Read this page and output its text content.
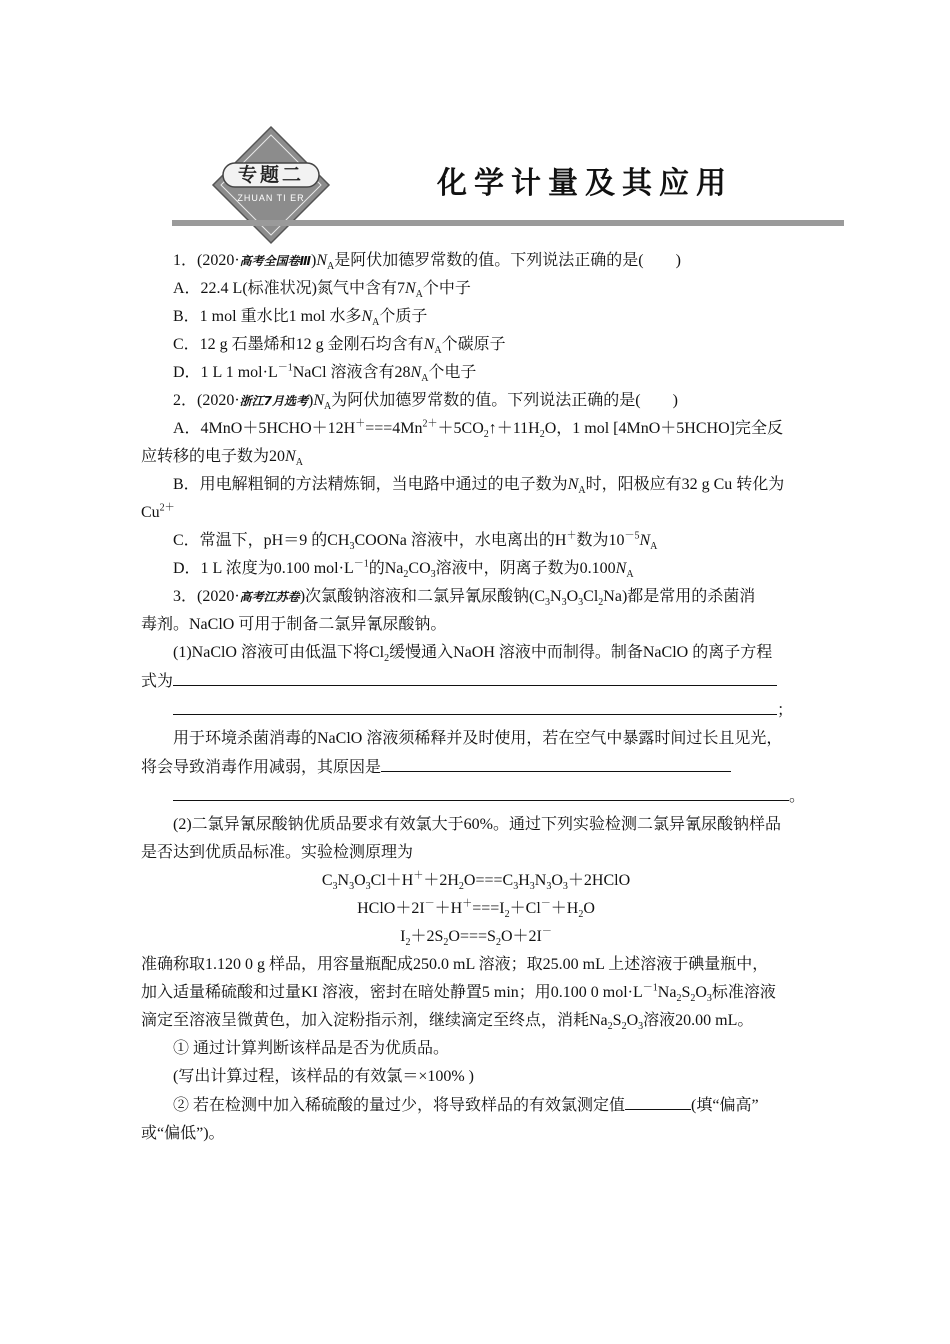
专题二
ZHUAN TI ER	化学计量及其应用

1．(2020·高考全国卷$Ⅲ)N_A$是阿伏加德罗常数的值。下列说法正确的是(　　)

A．22.4 L(标准状况)氮气中含有$7N_A$个中子

B．1 mol 重水比1 mol 水多$N_A$个质子

C．12 g 石墨烯和12 g 金刚石均含有$N_A$个碳原子

D．1 L 1 $mol\cdot L^{-1}NaCl$ 溶液含有$28N_A$个电子

2．(2020·浙江7月选考)$N_A$为阿伏加德罗常数的值。下列说法正确的是(　　)

A．$4MnO+5HCHO+12H^+===4Mn^{2+}+5CO_2↑+11H_2O$，1 mol [4MnO＋5HCHO]完全反

应转移的电子数为$20N_A$

B．用电解粗铜的方法精炼铜，当电路中通过的电子数为$N_A$时，阳极应有32 g Cu 转化为

$Cu^{2+}$

C．常温下，pH＝9 的$CH_3COONa$ 溶液中，水电离出的H＋数为$10^{-5}N_A$

D．1 L 浓度为0.100 $mol\cdot L^{-1}$的$Na_2CO_3$溶液中，阴离子数为$0.100N_A$

3．(2020·高考江苏卷)次氯酸钠溶液和二氯异氰尿酸钠$(C_3N_3O_3Cl_2Na)$都是常用的杀菌消

毒剂。NaClO 可用于制备二氯异氰尿酸钠。

(1)NaClO 溶液可由低温下将$Cl_2$缓慢通入NaOH 溶液中而制得。制备NaClO 的离子方程

式为

；

用于环境杀菌消毒的NaClO 溶液须稀释并及时使用，若在空气中暴露时间过长且见光，

将会导致消毒作用减弱，其原因是

。

(2)二氯异氰尿酸钠优质品要求有效氯大于60%。通过下列实验检测二氯异氰尿酸钠样品

是否达到优质品标准。实验检测原理为

$C_3N_3O_3Cl+H^++2H_2O===C_3H_3N_3O_3+2HClO$

$HClO+2I^-+H^+===I_2+Cl^-+H_2O$

$I_2+2S_2O===S_2O+2I^-$

准确称取1.120 0 g 样品，用容量瓶配成250.0 mL 溶液；取25.00 mL 上述溶液于碘量瓶中，

加入适量稀硫酸和过量KI 溶液，密封在暗处静置5 min；用0.100 0 $mol\cdot L^{-1}Na_2S_2O_3$标准溶液

滴定至溶液呈微黄色，加入淀粉指示剂，继续滴定至终点，消耗$Na_2S_2O_3$溶液20.00 mL。

① 通过计算判断该样品是否为优质品。

(写出计算过程，该样品的有效氯＝×100% )

② 若在检测中加入稀硫酸的量过少，将导致样品的有效氯测定值	(填“偏高”

或“偏低”)。
